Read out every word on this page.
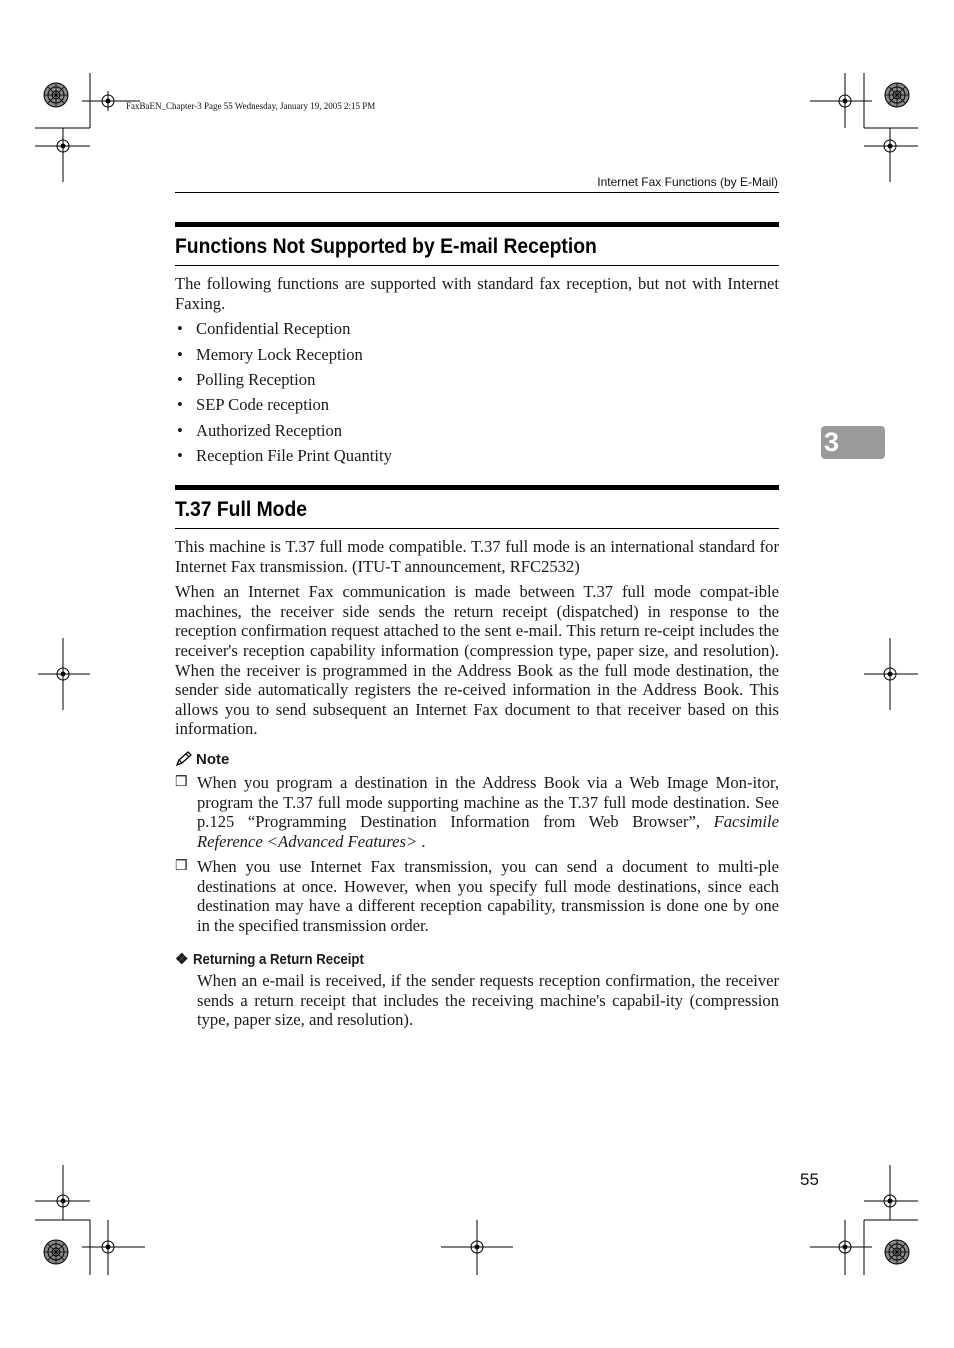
FaxBaEN_Chapter-3 Page 55 Wednesday, January 19, 2005 2:15 PM
Internet Fax Functions (by E-Mail)
Functions Not Supported by E-mail Reception

The following functions are supported with standard fax reception, but not with Internet Faxing.

• Confidential Reception
• Memory Lock Reception
• Polling Reception
• SEP Code reception
• Authorized Reception
• Reception File Print Quantity
T.37 Full Mode

This machine is T.37 full mode compatible. T.37 full mode is an international standard for Internet Fax transmission. (ITU-T announcement, RFC2532)

When an Internet Fax communication is made between T.37 full mode compat-ible machines, the receiver side sends the return receipt (dispatched) in response to the reception confirmation request attached to the sent e-mail. This return re-ceipt includes the receiver's reception capability information (compression type, paper size, and resolution). When the receiver is programmed in the Address Book as the full mode destination, the sender side automatically registers the re-ceived information in the Address Book. This allows you to send subsequent an Internet Fax document to that receiver based on this information.

Note
❒ When you program a destination in the Address Book via a Web Image Mon-itor, program the T.37 full mode supporting machine as the T.37 full mode destination. See p.125 “Programming Destination Information from Web Browser”, Facsimile Reference <Advanced Features> .

❒ When you use Internet Fax transmission, you can send a document to multi-ple destinations at once. However, when you specify full mode destinations, since each destination may have a different reception capability, transmission is done one by one in the specified transmission order.

❖ Returning a Return Receipt

When an e-mail is received, if the sender requests reception confirmation, the receiver sends a return receipt that includes the receiving machine's capabil-ity (compression type, paper size, and resolution).

3
55
